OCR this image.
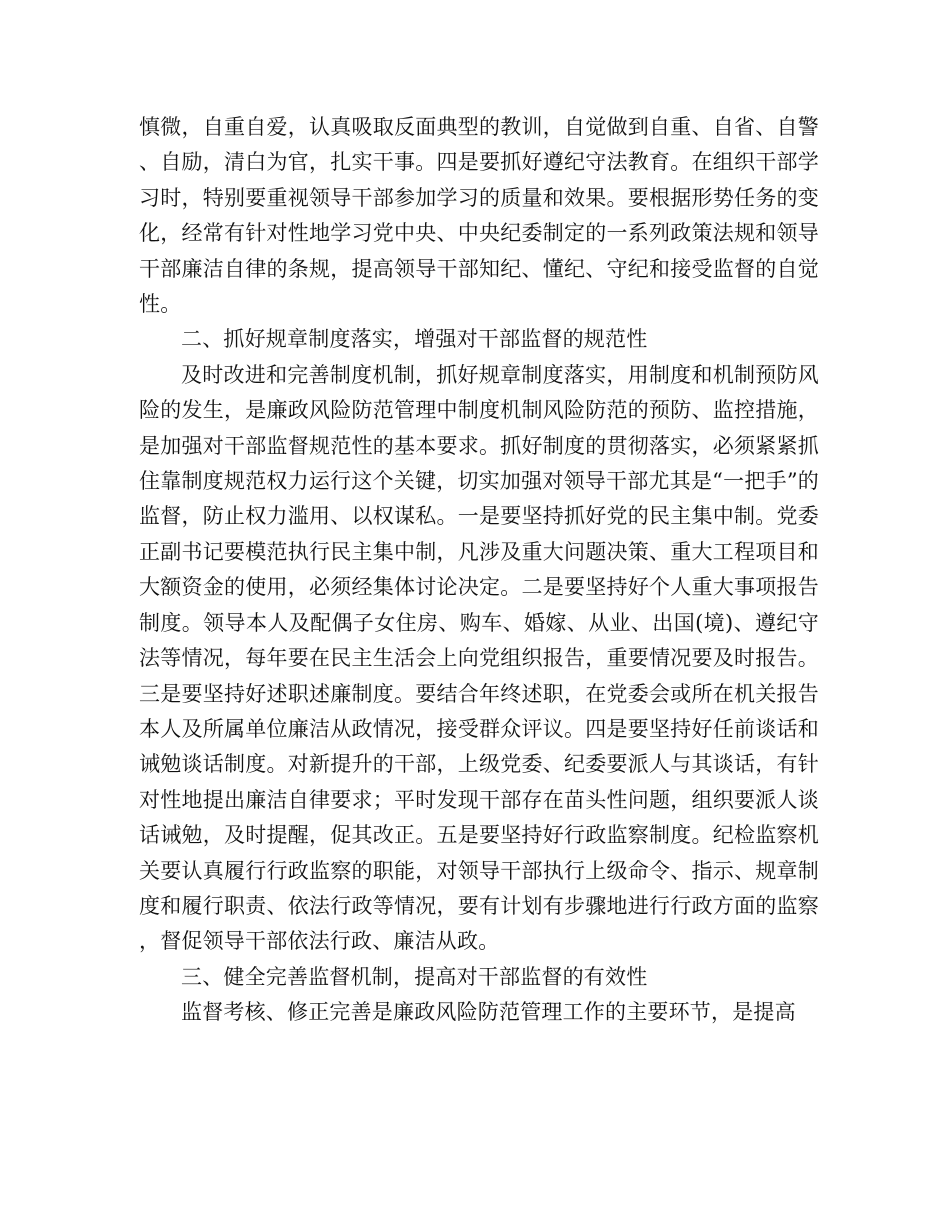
慎微，自重自爱，认真吸取反面典型的教训，自觉做到自重、自省、自警、自励，清白为官，扎实干事。四是要抓好遵纪守法教育。在组织干部学习时，特别要重视领导干部参加学习的质量和效果。要根据形势任务的变化，经常有针对性地学习党中央、中央纪委制定的一系列政策法规和领导干部廉洁自律的条规，提高领导干部知纪、懂纪、守纪和接受监督的自觉性。

二、抓好规章制度落实，增强对干部监督的规范性

及时改进和完善制度机制，抓好规章制度落实，用制度和机制预防风险的发生，是廉政风险防范管理中制度机制风险防范的预防、监控措施，是加强对干部监督规范性的基本要求。抓好制度的贯彻落实，必须紧紧抓住靠制度规范权力运行这个关键，切实加强对领导干部尤其是“一把手”的监督，防止权力滥用、以权谋私。一是要坚持抓好党的民主集中制。党委正副书记要模范执行民主集中制，凡涉及重大问题决策、重大工程项目和大额资金的使用，必须经集体讨论决定。二是要坚持好个人重大事项报告制度。领导本人及配偶子女住房、购车、婚嫁、从业、出国(境)、遵纪守法等情况，每年要在民主生活会上向党组织报告，重要情况要及时报告。三是要坚持好述职述廉制度。要结合年终述职，在党委会或所在机关报告本人及所属单位廉洁从政情况，接受群众评议。四是要坚持好任前谈话和诫勉谈话制度。对新提升的干部，上级党委、纪委要派人与其谈话，有针对性地提出廉洁自律要求；平时发现干部存在苗头性问题，组织要派人谈话诫勉，及时提醒，促其改正。五是要坚持好行政监察制度。纪检监察机关要认真履行行政监察的职能，对领导干部执行上级命令、指示、规章制度和履行职责、依法行政等情况，要有计划有步骤地进行行政方面的监察，督促领导干部依法行政、廉洁从政。

三、健全完善监督机制，提高对干部监督的有效性

监督考核、修正完善是廉政风险防范管理工作的主要环节，是提高
